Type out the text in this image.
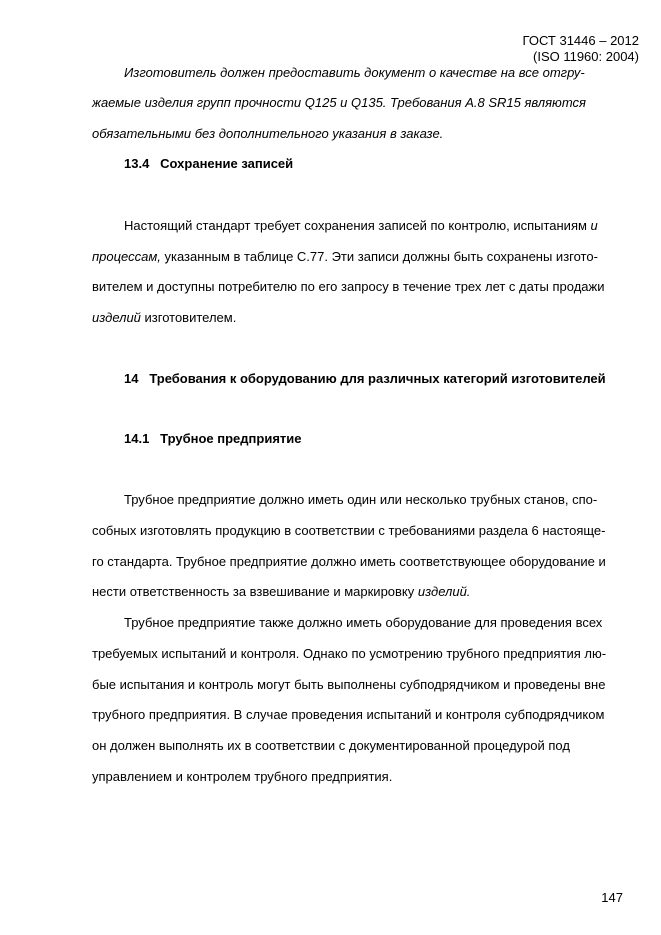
ГОСТ 31446 – 2012
(ISO 11960: 2004)
Изготовитель должен предоставить документ о качестве на все отгру-
жаемые изделия групп прочности Q125 и Q135. Требования A.8 SR15 являются
обязательными без дополнительного указания в заказе.
13.4 Сохранение записей
Настоящий стандарт требует сохранения записей по контролю, испытаниям и
процессам, указанным в таблице С.77. Эти записи должны быть сохранены изгото-
вителем и доступны потребителю по его запросу в течение трех лет с даты продажи
изделий изготовителем.
14 Требования к оборудованию для различных категорий изготовителей
14.1 Трубное предприятие
Трубное предприятие должно иметь один или несколько трубных станов, спо-
собных изготовлять продукцию в соответствии с требованиями раздела 6 настояще-
го стандарта. Трубное предприятие должно иметь соответствующее оборудование и
нести ответственность за взвешивание и маркировку изделий.
Трубное предприятие также должно иметь оборудование для проведения всех
требуемых испытаний и контроля. Однако по усмотрению трубного предприятия лю-
бые испытания и контроль могут быть выполнены субподрядчиком и проведены вне
трубного предприятия. В случае проведения испытаний и контроля субподрядчиком
он должен выполнять их в соответствии с документированной процедурой под
управлением и контролем трубного предприятия.
147
